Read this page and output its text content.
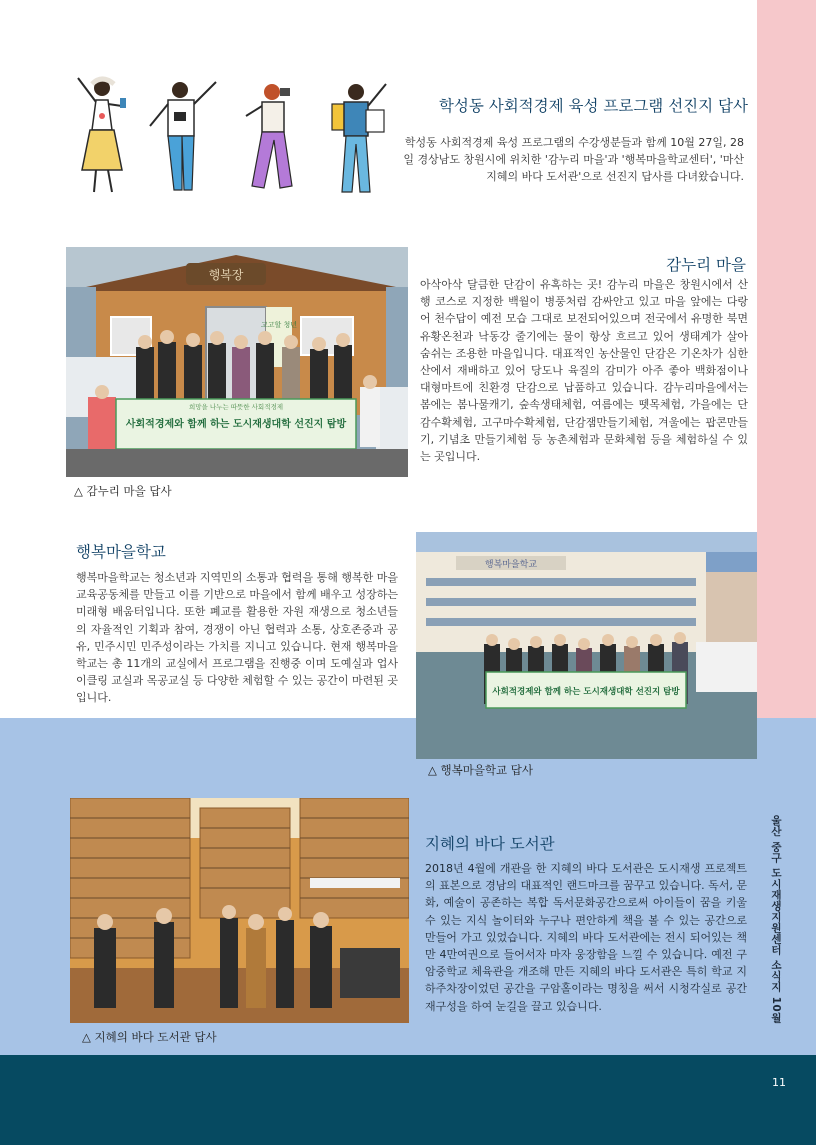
울산 중구 도시재생지원센터 소식지 10월
11
학성동 사회적경제 육성 프로그램 선진지 답사
학성동 사회적경제 육성 프로그램의 수강생분들과 함께 10월 27일, 28일 경상남도 창원시에 위치한 '감누리 마을'과 '행복마을학교센터', '마산지혜의 바다 도서관'으로 선진지 답사를 다녀왔습니다.
행복장
고고할 청년
희망을 나누는 따뜻한 사회적경제
사회적경제와 함께 하는 도시재생대학 선진지 탐방
△ 감누리 마을 답사
감누리 마을
아삭아삭 달큼한 단감이 유혹하는 곳! 감누리 마을은 창원시에서 산행 코스로 지정한 백월이 병풍처럼 감싸안고 있고 마을 앞에는 다랑어 천수답이 예전 모습 그대로 보전되어있으며 전국에서 유명한 북면 유황온천과 낙동강 줄기에는 물이 항상 흐르고 있어 생태계가 살아 숨쉬는 조용한 마을입니다. 대표적인 농산물인 단감은 기온차가 심한 산에서 재배하고 있어 당도나 육질의 감미가 아주 좋아 백화점이나 대형마트에 친환경 단감으로 납품하고 있습니다. 감누리마을에서는 봄에는 봄나물캐기, 숲속생태체험, 여름에는 뗏목체험, 가을에는 단감수확체험, 고구마수확체험, 단감잼만들기체험, 겨울에는 팝콘만들기, 기념초 만들기체험 등 농촌체험과 문화체험 등을 체험하실 수 있는 곳입니다.
행복마을학교
행복마을학교는 청소년과 지역민의 소통과 협력을 통해 행복한 마을교육공동체를 만들고 이를 기반으로 마을에서 함께 배우고 성장하는 미래형 배움터입니다. 또한 폐교를 활용한 자원 재생으로 청소년들의 자율적인 기획과 참여, 경쟁이 아닌 협력과 소통, 상호존중과 공유, 민주시민 민주성이라는 가치를 지니고 있습니다. 현재 행복마을학교는 총 11개의 교실에서 프로그램을 진행중 이며 도예실과 업사이클링 교실과 목공교실 등 다양한 체험할 수 있는 공간이 마련된 곳입니다.
행복마을학교
사회적경제와 함께 하는 도시재생대학 선진지 탐방
△ 행복마을학교 답사
△ 지혜의 바다 도서관 답사
지혜의 바다 도서관
2018년 4월에 개관을 한 지혜의 바다 도서관은 도시재생 프로젝트의 표본으로 경남의 대표적인 랜드마크를 꿈꾸고 있습니다. 독서, 문화, 예술이 공존하는 복합 독서문화공간으로써 아이들이 꿈을 키울 수 있는 지식 놀이터와 누구나 편안하게 책을 볼 수 있는 공간으로 만들어 가고 있었습니다. 지혜의 바다 도서관에는 전시 되어있는 책만 4만여권으로 들어서자 마자 웅장함을 느낄 수 있습니다. 예전 구암중학교 체육관을 개조해 만든 지혜의 바다 도서관은 특히 학교 지하주차장이었던 공간을 구암홀이라는 명칭을 써서 시청각실로 공간 재구성을 하여 눈길을 끌고 있습니다.
